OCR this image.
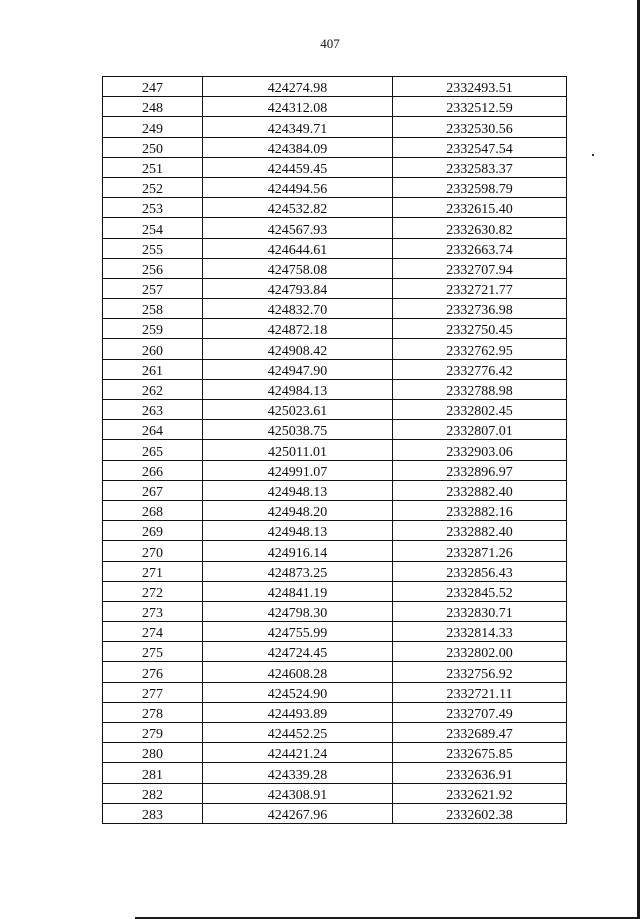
407
247	424274.98	2332493.51
248	424312.08	2332512.59
249	424349.71	2332530.56
250	424384.09	2332547.54
251	424459.45	2332583.37
252	424494.56	2332598.79
253	424532.82	2332615.40
254	424567.93	2332630.82
255	424644.61	2332663.74
256	424758.08	2332707.94
257	424793.84	2332721.77
258	424832.70	2332736.98
259	424872.18	2332750.45
260	424908.42	2332762.95
261	424947.90	2332776.42
262	424984.13	2332788.98
263	425023.61	2332802.45
264	425038.75	2332807.01
265	425011.01	2332903.06
266	424991.07	2332896.97
267	424948.13	2332882.40
268	424948.20	2332882.16
269	424948.13	2332882.40
270	424916.14	2332871.26
271	424873.25	2332856.43
272	424841.19	2332845.52
273	424798.30	2332830.71
274	424755.99	2332814.33
275	424724.45	2332802.00
276	424608.28	2332756.92
277	424524.90	2332721.11
278	424493.89	2332707.49
279	424452.25	2332689.47
280	424421.24	2332675.85
281	424339.28	2332636.91
282	424308.91	2332621.92
283	424267.96	2332602.38
